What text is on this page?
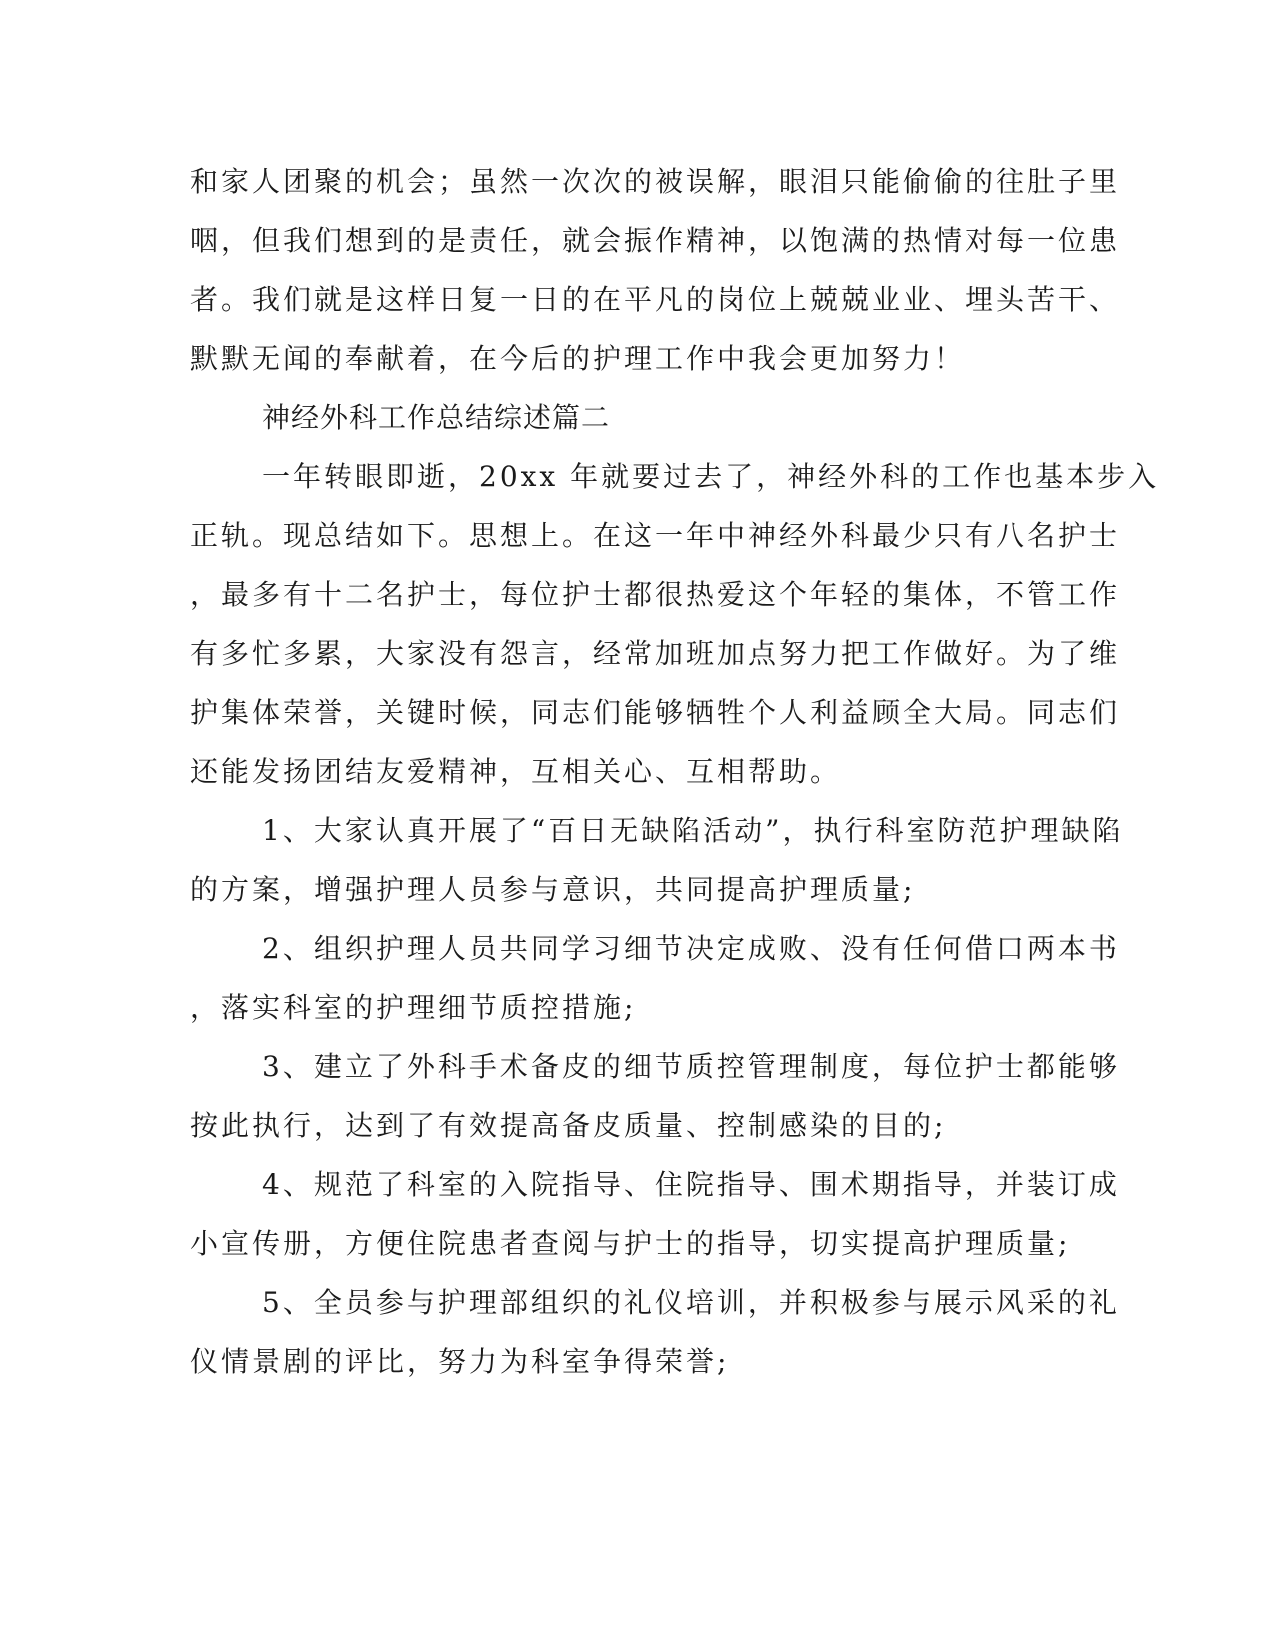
和家人团聚的机会；虽然一次次的被误解，眼泪只能偷偷的往肚子里
咽，但我们想到的是责任，就会振作精神，以饱满的热情对每一位患
者。我们就是这样日复一日的在平凡的岗位上兢兢业业、埋头苦干、
默默无闻的奉献着，在今后的护理工作中我会更加努力！
神经外科工作总结综述篇二
一年转眼即逝，20xx 年就要过去了，神经外科的工作也基本步入
正轨。现总结如下。思想上。在这一年中神经外科最少只有八名护士
，最多有十二名护士，每位护士都很热爱这个年轻的集体，不管工作
有多忙多累，大家没有怨言，经常加班加点努力把工作做好。为了维
护集体荣誉，关键时候，同志们能够牺牲个人利益顾全大局。同志们
还能发扬团结友爱精神，互相关心、互相帮助。
1、大家认真开展了“百日无缺陷活动”，执行科室防范护理缺陷
的方案，增强护理人员参与意识，共同提高护理质量;
2、组织护理人员共同学习细节决定成败、没有任何借口两本书
，落实科室的护理细节质控措施;
3、建立了外科手术备皮的细节质控管理制度，每位护士都能够
按此执行，达到了有效提高备皮质量、控制感染的目的;
4、规范了科室的入院指导、住院指导、围术期指导，并装订成
小宣传册，方便住院患者查阅与护士的指导，切实提高护理质量;
5、全员参与护理部组织的礼仪培训，并积极参与展示风采的礼
仪情景剧的评比，努力为科室争得荣誉;
